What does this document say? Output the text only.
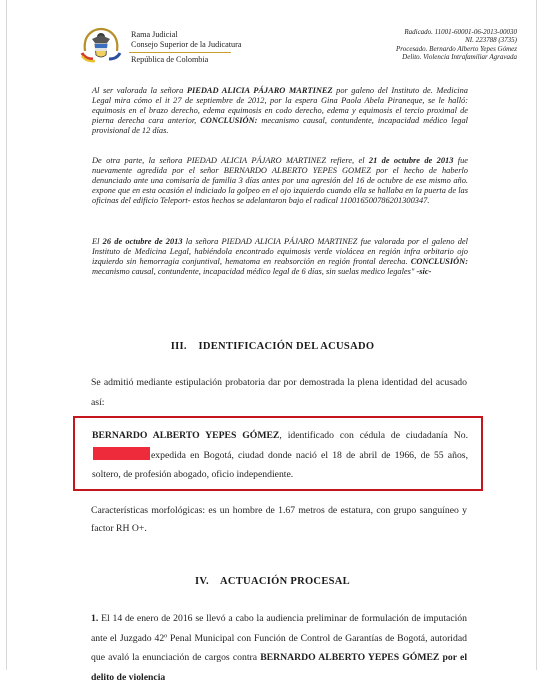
Rama Judicial
Consejo Superior de la Judicatura
República de Colombia
Radicado. 11001-60001-06-2013-00030
NI. 223788 (3735)
Procesado. Bernardo Alberto Yepes Gómez
Delito. Violencia Intrafamiliar Agravada
Al ser valorada la señora PIEDAD ALICIA PÁJARO MARTINEZ por galeno del Instituto de. Medicina Legal mira cómo el it 27 de septiembre de 2012, por la espera Gina Paola Abela Piraneque, se le halló: equimosis en el brazo derecho, edema equimosis en codo derecho, edema y equimosis el tercio proximal de pierna derecha cara anterior, CONCLUSIÓN: mecanismo causal, contundente, incapacidad médico legal provisional de 12 días.
De otra parte, la señora PIEDAD ALICIA PÁJARO MARTINEZ refiere, el 21 de octubre de 2013 fue nuevamente agredida por el señor BERNARDO ALBERTO YEPES GOMEZ por el hecho de haberlo denunciado ante una comisaría de familia 3 días antes por una agresión del 16 de octubre de ese mismo año. expone que en esta ocasión el indiciado la golpeo en el ojo izquierdo cuando ella se hallaba en la puerta de las oficinas del edificio Teleport- estos hechos se adelantaron bajo el radical 110016500786201300347.
El 26 de octubre de 2013 la señora PIEDAD ALICIA PÁJARO MARTINEZ fue valorada por el galeno del Instituto de Medicina Legal, habiéndola encontrado equimosis verde violácea en región infra orbitario ojo izquierdo sin hemorragia conjuntival, hematoma en reabsorción en región frontal derecha. CONCLUSIÓN: mecanismo causal, contundente, incapacidad médico legal de 6 días, sin suelas medico legales" -sic-
III.    IDENTIFICACIÓN DEL ACUSADO
Se admitió mediante estipulación probatoria dar por demostrada la plena identidad del acusado así:
BERNARDO ALBERTO YEPES GÓMEZ, identificado con cédula de ciudadanía No.expedida en Bogotá, ciudad donde nació el 18 de abril de 1966, de 55 años, soltero, de profesión abogado, oficio independiente.
Características morfológicas: es un hombre de 1.67 metros de estatura, con grupo sanguíneo y factor RH O+.
IV.    ACTUACIÓN PROCESAL
1. El 14 de enero de 2016 se llevó a cabo la audiencia preliminar de formulación de imputación ante el Juzgado 42º Penal Municipal con Función de Control de Garantías de Bogotá, autoridad que avaló la enunciación de cargos contra BERNARDO ALBERTO YEPES GÓMEZ por el delito de violencia
